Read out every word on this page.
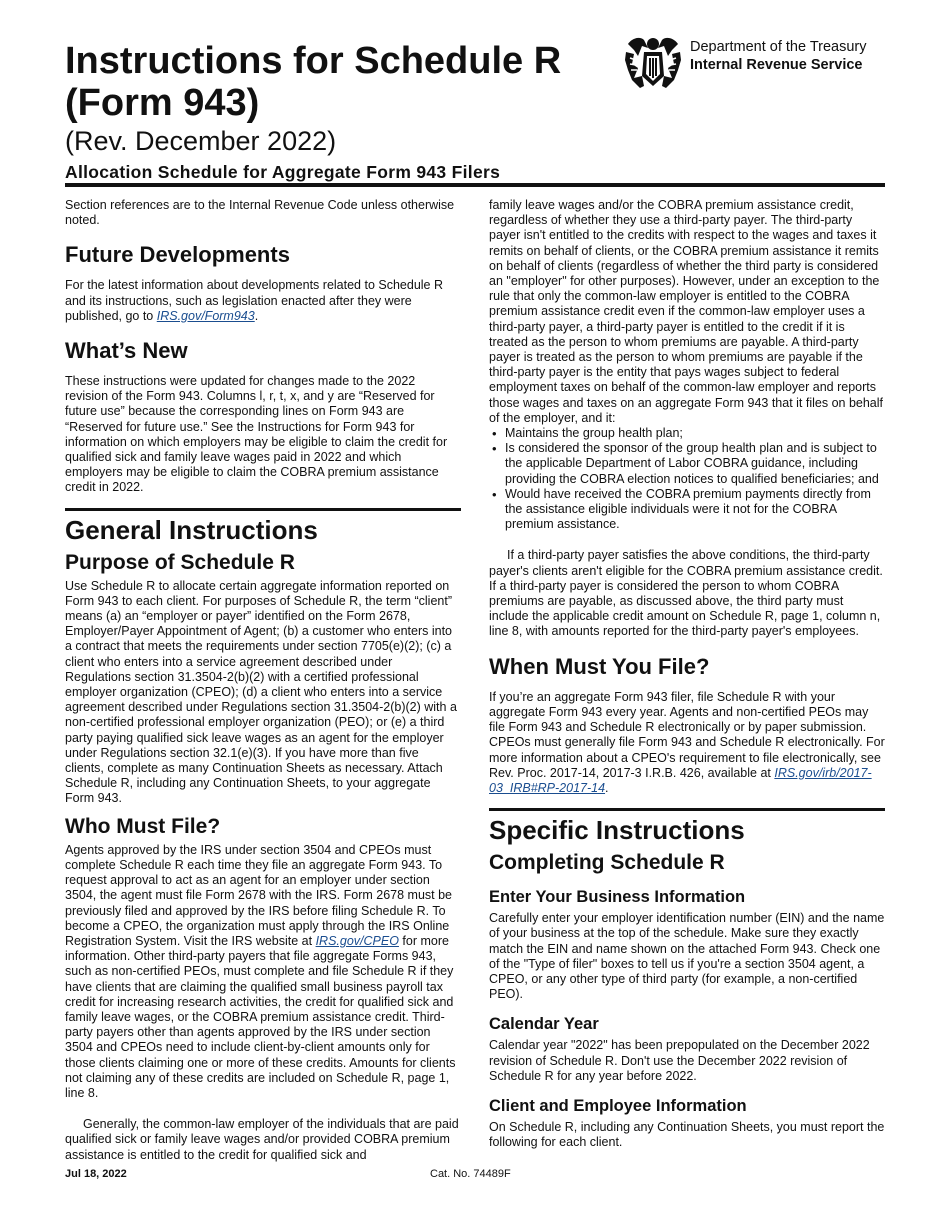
Instructions for Schedule R (Form 943)
(Rev. December 2022)
Allocation Schedule for Aggregate Form 943 Filers
Department of the Treasury
Internal Revenue Service

Section references are to the Internal Revenue Code unless otherwise noted.

Future Developments

For the latest information about developments related to Schedule R and its instructions, such as legislation enacted after they were published, go to IRS.gov/Form943.

What’s New

These instructions were updated for changes made to the 2022 revision of the Form 943. Columns l, r, t, x, and y are “Reserved for future use” because the corresponding lines on Form 943 are “Reserved for future use.” See the Instructions for Form 943 for information on which employers may be eligible to claim the credit for qualified sick and family leave wages paid in 2022 and which employers may be eligible to claim the COBRA premium assistance credit in 2022.

General Instructions
Purpose of Schedule R

Use Schedule R to allocate certain aggregate information reported on Form 943 to each client. For purposes of Schedule R, the term “client” means (a) an “employer or payer” identified on the Form 2678, Employer/Payer Appointment of Agent; (b) a customer who enters into a contract that meets the requirements under section 7705(e)(2); (c) a client who enters into a service agreement described under Regulations section 31.3504-2(b)(2) with a certified professional employer organization (CPEO); (d) a client who enters into a service agreement described under Regulations section 31.3504-2(b)(2) with a non-certified professional employer organization (PEO); or (e) a third party paying qualified sick leave wages as an agent for the employer under Regulations section 32.1(e)(3). If you have more than five clients, complete as many Continuation Sheets as necessary. Attach Schedule R, including any Continuation Sheets, to your aggregate Form 943.

Who Must File?

Agents approved by the IRS under section 3504 and CPEOs must complete Schedule R each time they file an aggregate Form 943. To request approval to act as an agent for an employer under section 3504, the agent must file Form 2678 with the IRS. Form 2678 must be previously filed and approved by the IRS before filing Schedule R. To become a CPEO, the organization must apply through the IRS Online Registration System. Visit the IRS website at IRS.gov/CPEO for more information. Other third-party payers that file aggregate Forms 943, such as non-certified PEOs, must complete and file Schedule R if they have clients that are claiming the qualified small business payroll tax credit for increasing research activities, the credit for qualified sick and family leave wages, or the COBRA premium assistance credit. Third-party payers other than agents approved by the IRS under section 3504 and CPEOs need to include client-by-client amounts only for those clients claiming one or more of these credits. Amounts for clients not claiming any of these credits are included on Schedule R, page 1, line 8.

Generally, the common-law employer of the individuals that are paid qualified sick or family leave wages and/or provided COBRA premium assistance is entitled to the credit for qualified sick and

family leave wages and/or the COBRA premium assistance credit, regardless of whether they use a third-party payer. The third-party payer isn't entitled to the credits with respect to the wages and taxes it remits on behalf of clients, or the COBRA premium assistance it remits on behalf of clients (regardless of whether the third party is considered an "employer" for other purposes). However, under an exception to the rule that only the common-law employer is entitled to the COBRA premium assistance credit even if the common-law employer uses a third-party payer, a third-party payer is entitled to the credit if it is treated as the person to whom premiums are payable. A third-party payer is treated as the person to whom premiums are payable if the third-party payer is the entity that pays wages subject to federal employment taxes on behalf of the common-law employer and reports those wages and taxes on an aggregate Form 943 that it files on behalf of the employer, and it:

• Maintains the group health plan;
• Is considered the sponsor of the group health plan and is subject to the applicable Department of Labor COBRA guidance, including providing the COBRA election notices to qualified beneficiaries; and
• Would have received the COBRA premium payments directly from the assistance eligible individuals were it not for the COBRA premium assistance.

If a third-party payer satisfies the above conditions, the third-party payer's clients aren't eligible for the COBRA premium assistance credit. If a third-party payer is considered the person to whom COBRA premiums are payable, as discussed above, the third party must include the applicable credit amount on Schedule R, page 1, column n, line 8, with amounts reported for the third-party payer's employees.

When Must You File?

If you’re an aggregate Form 943 filer, file Schedule R with your aggregate Form 943 every year. Agents and non-certified PEOs may file Form 943 and Schedule R electronically or by paper submission. CPEOs must generally file Form 943 and Schedule R electronically. For more information about a CPEO's requirement to file electronically, see Rev. Proc. 2017-14, 2017-3 I.R.B. 426, available at IRS.gov/irb/2017-03_IRB#RP-2017-14.

Specific Instructions
Completing Schedule R
Enter Your Business Information

Carefully enter your employer identification number (EIN) and the name of your business at the top of the schedule. Make sure they exactly match the EIN and name shown on the attached Form 943. Check one of the "Type of filer" boxes to tell us if you're a section 3504 agent, a CPEO, or any other type of third party (for example, a non-certified PEO).

Calendar Year

Calendar year "2022" has been prepopulated on the December 2022 revision of Schedule R. Don't use the December 2022 revision of Schedule R for any year before 2022.

Client and Employee Information

On Schedule R, including any Continuation Sheets, you must report the following for each client.

Jul 18, 2022	Cat. No. 74489F
